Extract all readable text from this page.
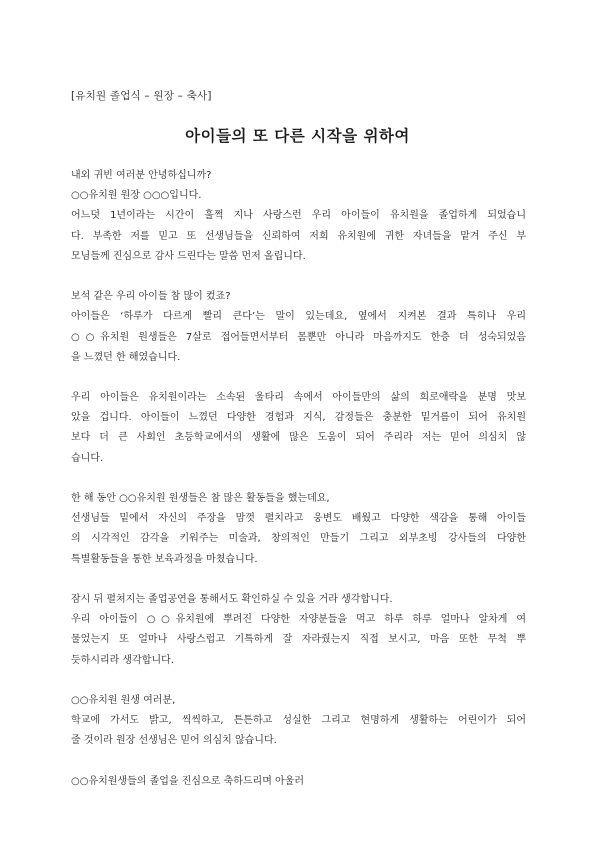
[유치원 졸업식 – 원장 – 축사]
아이들의 또 다른 시작을 위하여
내외 귀빈 여러분 안녕하십니까?
○○유치원 원장 ○○○입니다.
어느덧 1년이라는 시간이 훌쩍 지나 사랑스런 우리 아이들이 유치원을 졸업하게 되었습니
다. 부족한 저를 믿고 또 선생님들을 신뢰하여 저희 유치원에 귀한 자녀들을 맡겨 주신 부
모님들께 진심으로 감사 드린다는 말씀 먼저 올립니다.
보석 같은 우리 아이들 참 많이 컸죠?
아이들은 ‘하루가 다르게 빨리 큰다’는 말이 있는데요, 옆에서 지켜본 결과 특히나 우리
○○유치원 원생들은 7살로 접어들면서부터 몸뿐만 아니라 마음까지도 한층 더 성숙되었음
을 느꼈던 한 해였습니다.
우리 아이들은 유치원이라는 소속된 울타리 속에서 아이들만의 삶의 희로애락을 분명 맛보
았을 겁니다. 아이들이 느꼈던 다양한 경험과 지식, 감정들은 충분한 밑거름이 되어 유치원
보다 더 큰 사회인 초등학교에서의 생활에 많은 도움이 되어 주리라 저는 믿어 의심치 않
습니다.
한 해 동안 ○○유치원 원생들은 참 많은 활동들을 했는데요,
선생님들 밑에서 자신의 주장을 맘껏 펼치라고 웅변도 배웠고 다양한 색감을 통해 아이들
의 시각적인 감각을 키워주는 미술과, 창의적인 만들기 그리고 외부초빙 강사들의 다양한
특별활동들을 통한 보육과정을 마쳤습니다.
잠시 뒤 펼쳐지는 졸업공연을 통해서도 확인하실 수 있을 거라 생각합니다.
우리 아이들이 ○○유치원에 뿌려진 다양한 자양분들을 먹고 하루 하루 얼마나 알차게 여
물었는지 또 얼마나 사랑스럽고 기특하게 잘 자라줬는지 직접 보시고, 마음 또한 무척 뿌
듯하시리라 생각합니다.
○○유치원 원생 여러분,
학교에 가서도 밝고, 씩씩하고, 튼튼하고 성실한 그리고 현명하게 생활하는 어린이가 되어
줄 것이라 원장 선생님은 믿어 의심치 않습니다.
○○유치원생들의 졸업을 진심으로 축하드리며 아울러
